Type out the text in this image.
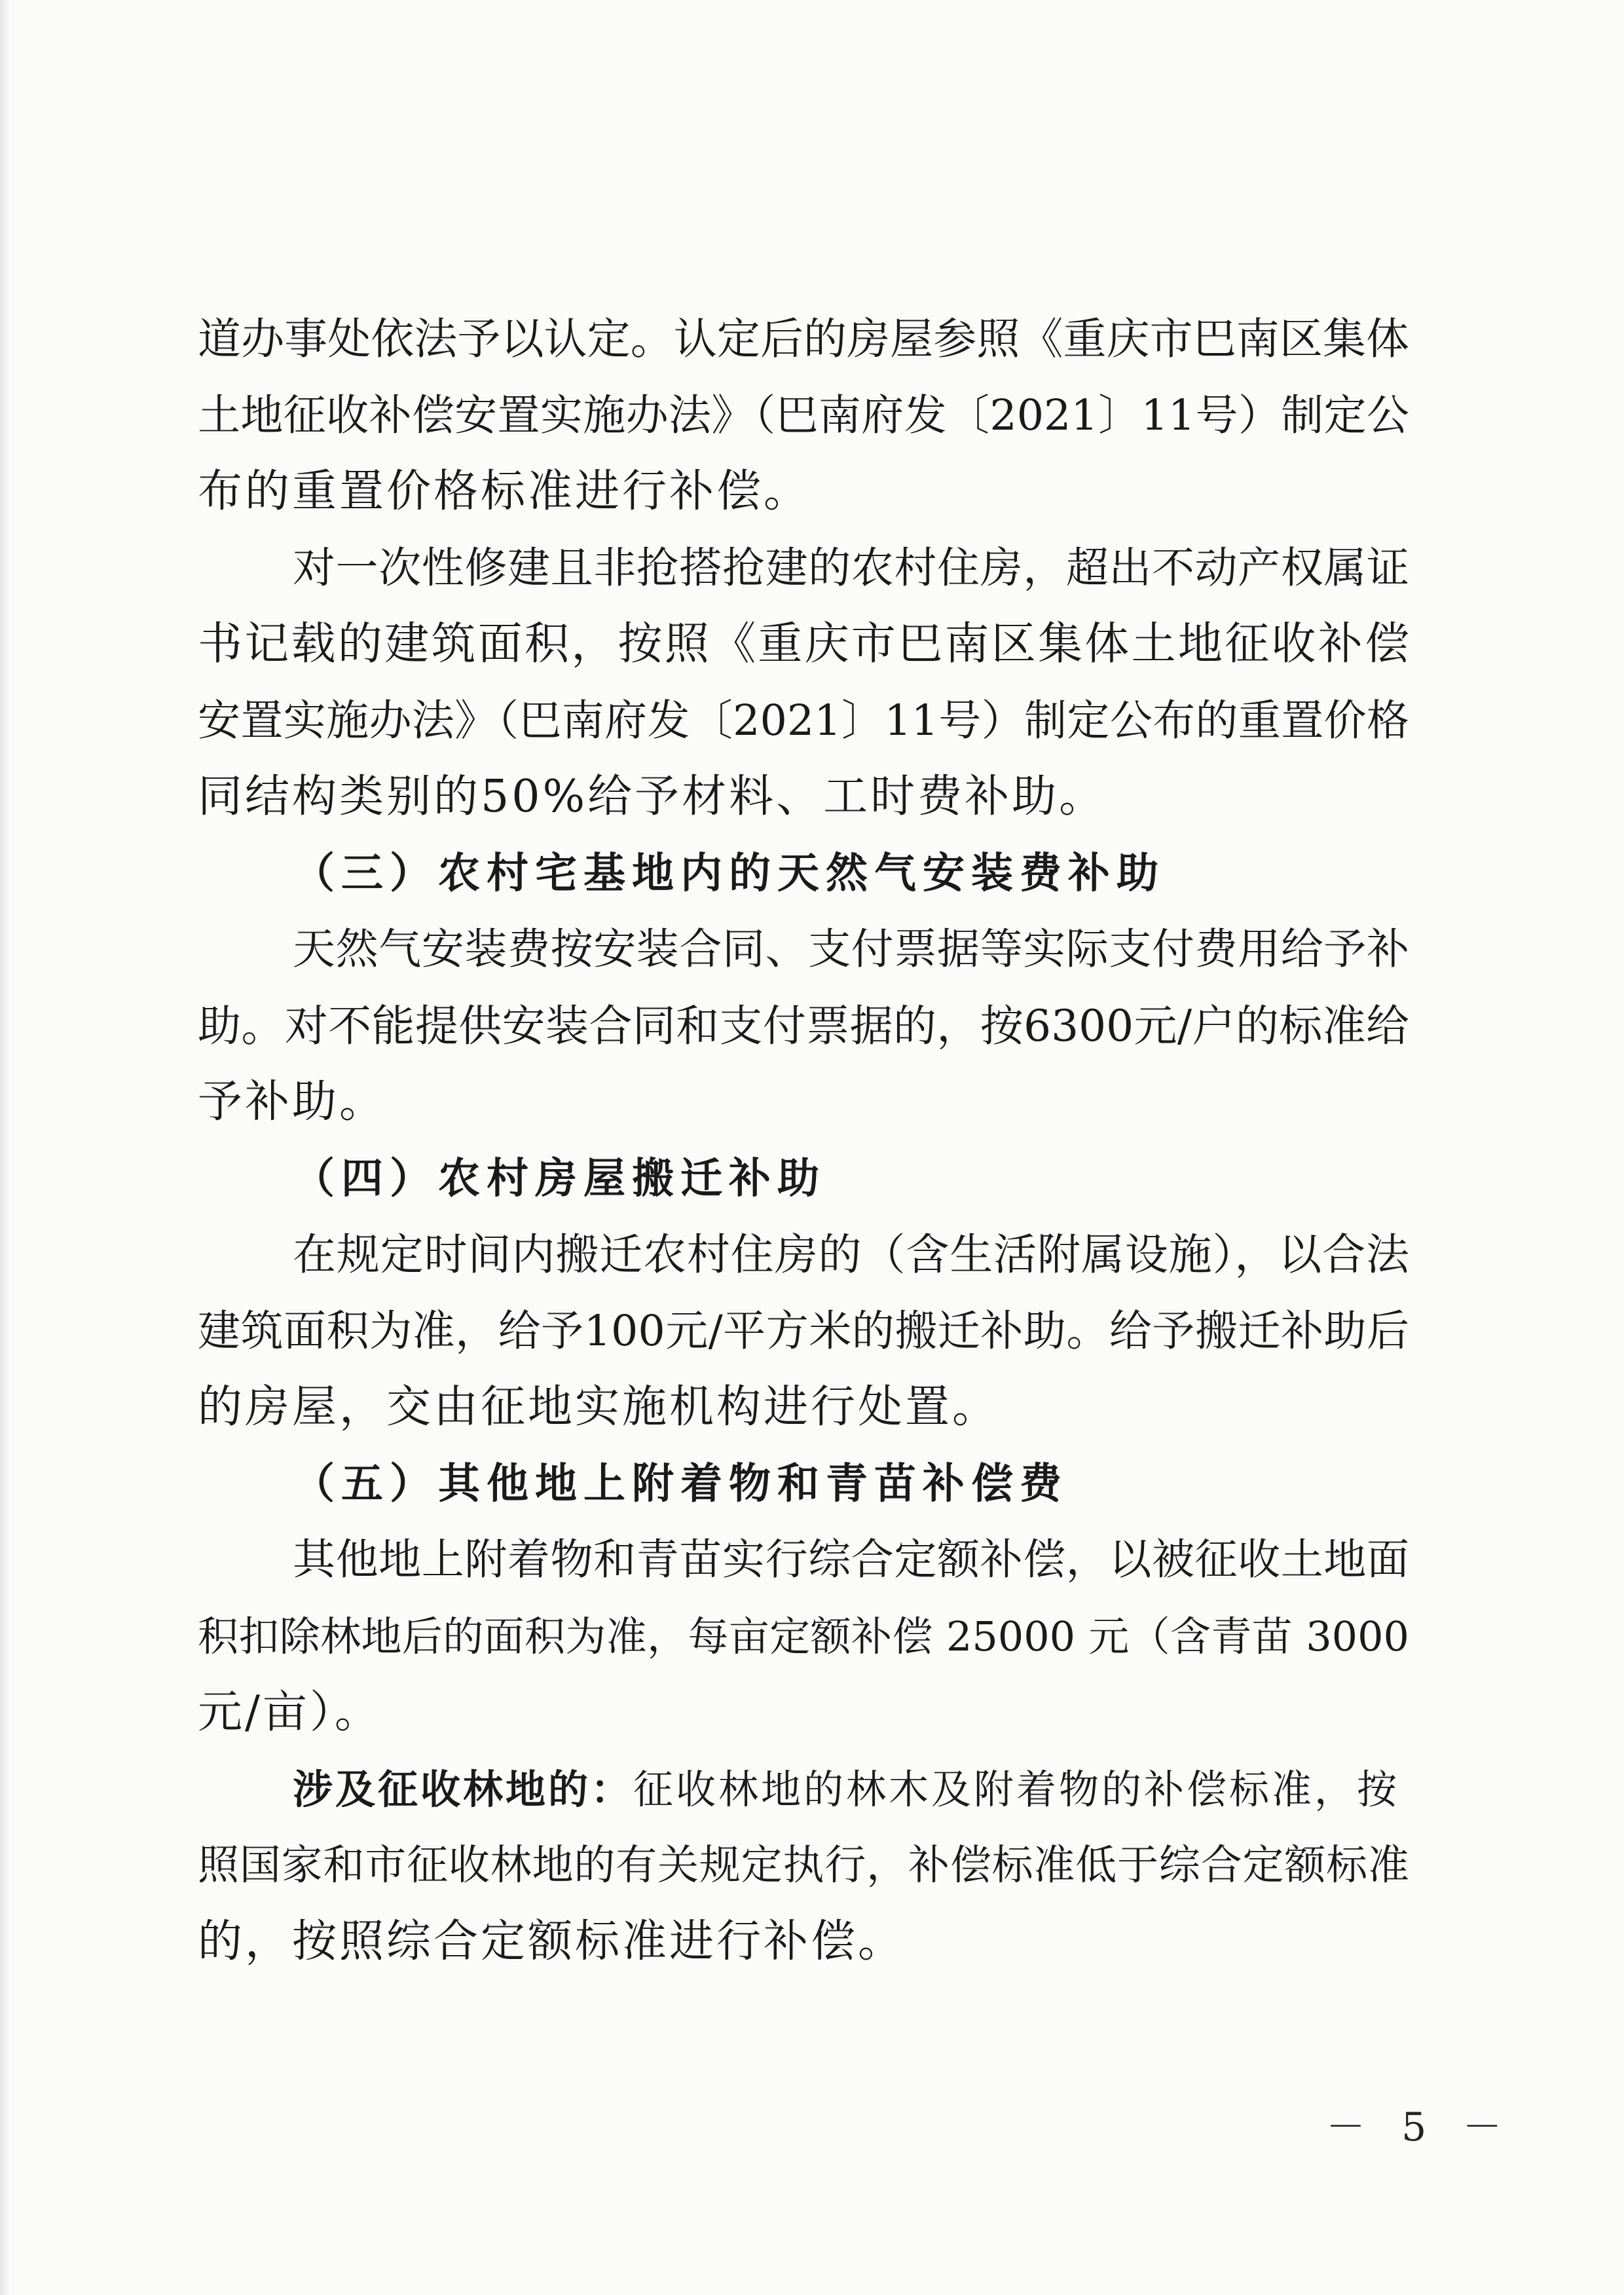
道办事处依法予以认定。认定后的房屋参照《重庆市巴南区集体
土地征收补偿安置实施办法》（巴南府发〔2021〕11号）制定公
布的重置价格标准进行补偿。
对一次性修建且非抢搭抢建的农村住房，超出不动产权属证
书记载的建筑面积，按照《重庆市巴南区集体土地征收补偿
安置实施办法》（巴南府发〔2021〕11号）制定公布的重置价格
同结构类别的50%给予材料、工时费补助。
（三）农村宅基地内的天然气安装费补助
天然气安装费按安装合同、支付票据等实际支付费用给予补
助。对不能提供安装合同和支付票据的，按6300元/户的标准给
予补助。
（四）农村房屋搬迁补助
在规定时间内搬迁农村住房的（含生活附属设施），以合法
建筑面积为准，给予100元/平方米的搬迁补助。给予搬迁补助后
的房屋，交由征地实施机构进行处置。
（五）其他地上附着物和青苗补偿费
其他地上附着物和青苗实行综合定额补偿，以被征收土地面
积扣除林地后的面积为准，每亩定额补偿 25000 元（含青苗 3000
元/亩）。
涉及征收林地的：征收林地的林木及附着物的补偿标准，按
照国家和市征收林地的有关规定执行，补偿标准低于综合定额标准
的，按照综合定额标准进行补偿。
－ 5 －
